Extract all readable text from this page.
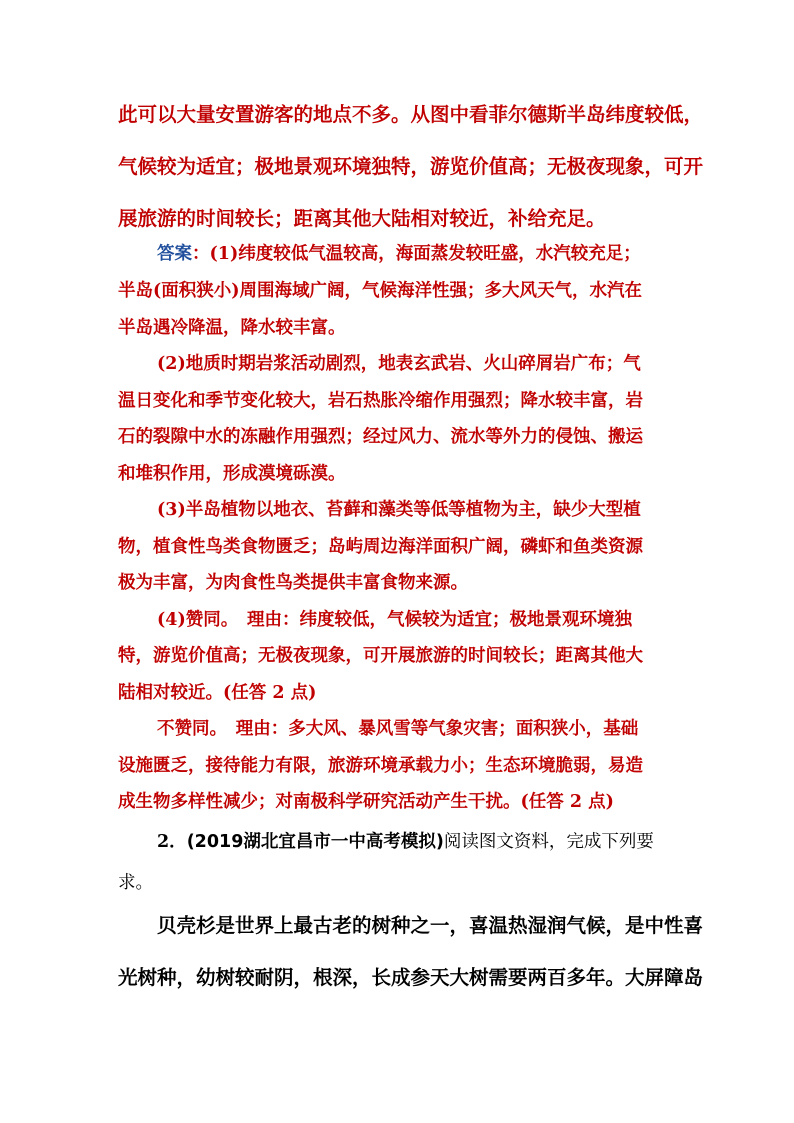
此可以大量安置游客的地点不多。从图中看菲尔德斯半岛纬度较低，

气候较为适宜；极地景观环境独特，游览价值高；无极夜现象，可开

展旅游的时间较长；距离其他大陆相对较近，补给充足。

答案：(1)纬度较低气温较高，海面蒸发较旺盛，水汽较充足；

半岛(面积狭小)周围海域广阔，气候海洋性强；多大风天气，水汽在

半岛遇冷降温，降水较丰富。

(2)地质时期岩浆活动剧烈，地表玄武岩、火山碎屑岩广布；气

温日变化和季节变化较大，岩石热胀冷缩作用强烈；降水较丰富，岩

石的裂隙中水的冻融作用强烈；经过风力、流水等外力的侵蚀、搬运

和堆积作用，形成漠境砾漠。

(3)半岛植物以地衣、苔藓和藻类等低等植物为主，缺少大型植

物，植食性鸟类食物匮乏；岛屿周边海洋面积广阔，磷虾和鱼类资源

极为丰富，为肉食性鸟类提供丰富食物来源。

(4)赞同。　理由：纬度较低，气候较为适宜；极地景观环境独

特，游览价值高；无极夜现象，可开展旅游的时间较长；距离其他大

陆相对较近。(任答 2 点)

不赞同。　理由：多大风、暴风雪等气象灾害；面积狭小，基础

设施匮乏，接待能力有限，旅游环境承载力小；生态环境脆弱，易造

成生物多样性减少；对南极科学研究活动产生干扰。(任答 2 点)

2．(2019湖北宜昌市一中高考模拟)阅读图文资料，完成下列要

求。

贝壳杉是世界上最古老的树种之一，喜温热湿润气候，是中性喜

光树种，幼树较耐阴，根深，长成参天大树需要两百多年。大屏障岛
